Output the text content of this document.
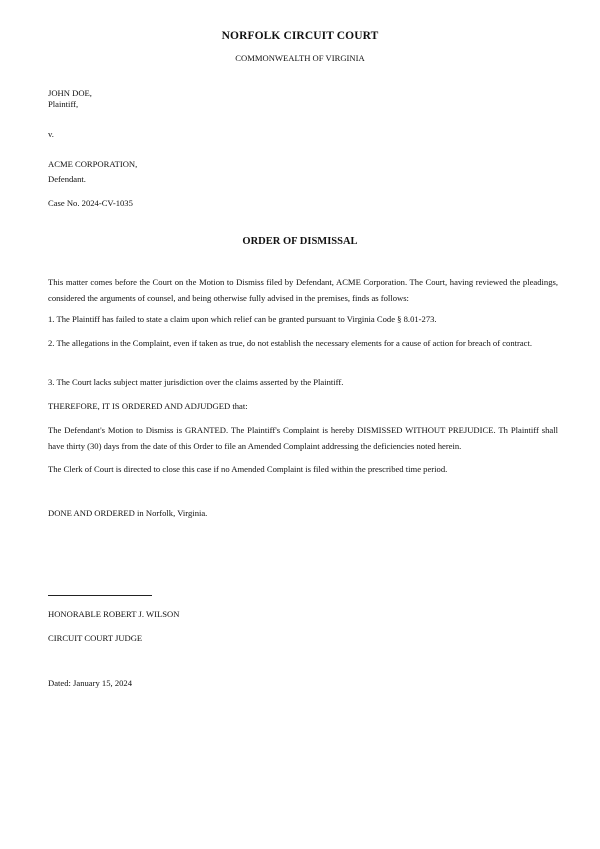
NORFOLK CIRCUIT COURT
COMMONWEALTH OF VIRGINIA
JOHN DOE,
Plaintiff,
v.
ACME CORPORATION,
Defendant.
Case No. 2024-CV-1035
ORDER OF DISMISSAL
This matter comes before the Court on the Motion to Dismiss filed by Defendant, ACME Corporation. The Court, having reviewed the pleadings, considered the arguments of counsel, and being otherwise fully advised in the premises, finds as follows:
1. The Plaintiff has failed to state a claim upon which relief can be granted pursuant to Virginia Code § 8.01-273.
2. The allegations in the Complaint, even if taken as true, do not establish the necessary elements for a cause of action for breach of contract.
3. The Court lacks subject matter jurisdiction over the claims asserted by the Plaintiff.
THEREFORE, IT IS ORDERED AND ADJUDGED that:
The Defendant's Motion to Dismiss is GRANTED. The Plaintiff's Complaint is hereby DISMISSED WITHOUT PREJUDICE. Th Plaintiff shall have thirty (30) days from the date of this Order to file an Amended Complaint addressing the deficiencies noted herein.
The Clerk of Court is directed to close this case if no Amended Complaint is filed within the prescribed time period.
DONE AND ORDERED in Norfolk, Virginia.
HONORABLE ROBERT J. WILSON
CIRCUIT COURT JUDGE
Dated: January 15, 2024
